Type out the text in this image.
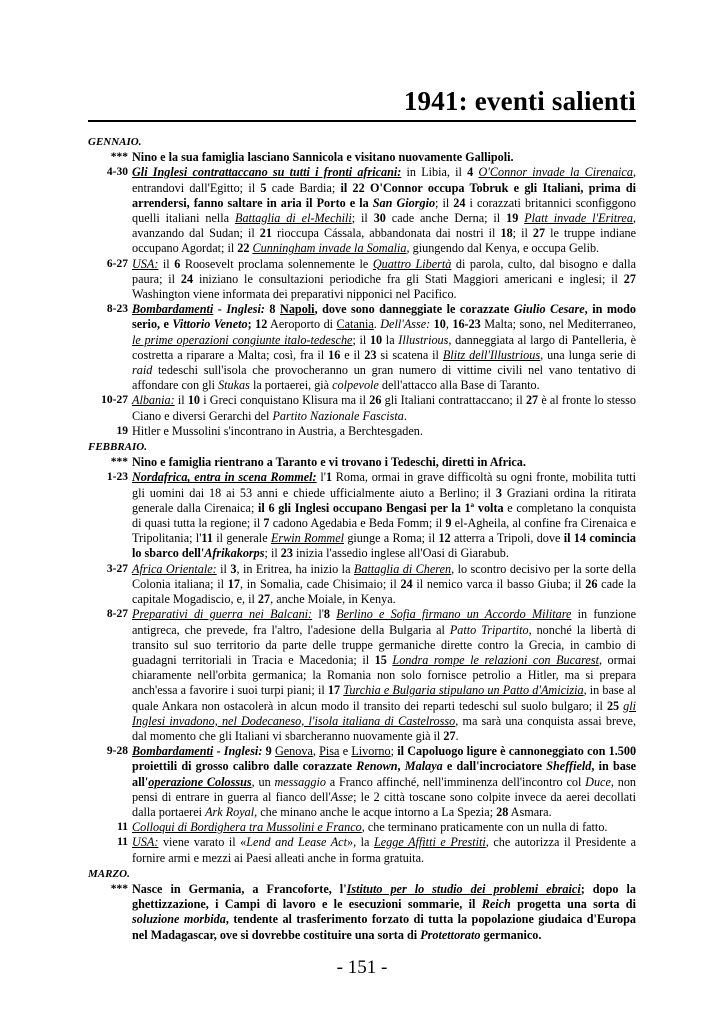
1941: eventi salienti
GENNAIO.
*** Nino e la sua famiglia lasciano Sannicola e visitano nuovamente Gallipoli.
4-30 Gli Inglesi contrattaccano su tutti i fronti africani: in Libia, il 4 O'Connor invade la Cirenaica, entrandovi dall'Egitto; il 5 cade Bardia; il 22 O'Connor occupa Tobruk e gli Italiani, prima di arrendersi, fanno saltare in aria il Porto e la San Giorgio; il 24 i corazzati britannici sconfiggono quelli italiani nella Battaglia di el-Mechili; il 30 cade anche Derna; il 19 Platt invade l'Eritrea, avanzando dal Sudan; il 21 rioccupa Cássala, abbandonata dai nostri il 18; il 27 le truppe indiane occupano Agordat; il 22 Cunningham invade la Somalia, giungendo dal Kenya, e occupa Gelib.
6-27 USA: il 6 Roosevelt proclama solennemente le Quattro Libertà di parola, culto, dal bisogno e dalla paura; il 24 iniziano le consultazioni periodiche fra gli Stati Maggiori americani e inglesi; il 27 Washington viene informata dei preparativi nipponici nel Pacifico.
8-23 Bombardamenti - Inglesi: 8 Napoli, dove sono danneggiate le corazzate Giulio Cesare, in modo serio, e Vittorio Veneto; 12 Aeroporto di Catania. Dell'Asse: 10, 16-23 Malta; sono, nel Mediterraneo, le prime operazioni congiunte italo-tedesche; il 10 la Illustrious, danneggiata al largo di Pantelleria, è costretta a riparare a Malta; così, fra il 16 e il 23 si scatena il Blitz dell'Illustrious, una lunga serie di raid tedeschi sull'isola che provocheranno un gran numero di vittime civili nel vano tentativo di affondare con gli Stukas la portaerei, già colpevole dell'attacco alla Base di Taranto.
10-27 Albania: il 10 i Greci conquistano Klisura ma il 26 gli Italiani contrattaccano; il 27 è al fronte lo stesso Ciano e diversi Gerarchi del Partito Nazionale Fascista.
19 Hitler e Mussolini s'incontrano in Austria, a Berchtesgaden.
FEBBRAIO.
*** Nino e famiglia rientrano a Taranto e vi trovano i Tedeschi, diretti in Africa.
1-23 Nordafrica, entra in scena Rommel: l'1 Roma, ormai in grave difficoltà su ogni fronte, mobilita tutti gli uomini dai 18 ai 53 anni e chiede ufficialmente aiuto a Berlino; il 3 Graziani ordina la ritirata generale dalla Cirenaica; il 6 gli Inglesi occupano Bengasi per la 1ª volta e completano la conquista di quasi tutta la regione; il 7 cadono Agedabia e Beda Fomm; il 9 el-Agheila, al confine fra Cirenaica e Tripolitania; l'11 il generale Erwin Rommel giunge a Roma; il 12 atterra a Tripoli, dove il 14 comincia lo sbarco dell'Afrikakorps; il 23 inizia l'assedio inglese all'Oasi di Giarabub.
3-27 Africa Orientale: il 3, in Eritrea, ha inizio la Battaglia di Cheren, lo scontro decisivo per la sorte della Colonia italiana; il 17, in Somalia, cade Chisimaio; il 24 il nemico varca il basso Giuba; il 26 cade la capitale Mogadiscio, e, il 27, anche Moiale, in Kenya.
8-27 Preparativi di guerra nei Balcani: l'8 Berlino e Sofia firmano un Accordo Militare in funzione antigreca, che prevede, fra l'altro, l'adesione della Bulgaria al Patto Tripartito, nonché la libertà di transito sul suo territorio da parte delle truppe germaniche dirette contro la Grecia, in cambio di guadagni territoriali in Tracia e Macedonia; il 15 Londra rompe le relazioni con Bucarest, ormai chiaramente nell'orbita germanica; la Romania non solo fornisce petrolio a Hitler, ma si prepara anch'essa a favorire i suoi turpi piani; il 17 Turchia e Bulgaria stipulano un Patto d'Amicizia, in base al quale Ankara non ostacolerà in alcun modo il transito dei reparti tedeschi sul suolo bulgaro; il 25 gli Inglesi invadono, nel Dodecaneso, l'isola italiana di Castelrosso, ma sarà una conquista assai breve, dal momento che gli Italiani vi sbarcheranno nuovamente già il 27.
9-28 Bombardamenti - Inglesi: 9 Genova, Pisa e Livorno; il Capoluogo ligure è cannoneggiato con 1.500 proiettili di grosso calibro dalle corazzate Renown, Malaya e dall'incrociatore Sheffield, in base all'operazione Colossus, un messaggio a Franco affinché, nell'imminenza dell'incontro col Duce, non pensi di entrare in guerra al fianco dell'Asse; le 2 città toscane sono colpite invece da aerei decollati dalla portaerei Ark Royal, che minano anche le acque intorno a La Spezia; 28 Asmara.
11 Colloqui di Bordighera tra Mussolini e Franco, che terminano praticamente con un nulla di fatto.
11 USA: viene varato il «Lend and Lease Act», la Legge Affitti e Prestiti, che autorizza il Presidente a fornire armi e mezzi ai Paesi alleati anche in forma gratuita.
MARZO.
*** Nasce in Germania, a Francoforte, l'Istituto per lo studio dei problemi ebraici; dopo la ghettizzazione, i Campi di lavoro e le esecuzioni sommarie, il Reich progetta una sorta di soluzione morbida, tendente al trasferimento forzato di tutta la popolazione giudaica d'Europa nel Madagascar, ove si dovrebbe costituire una sorta di Protettorato germanico.
- 151 -
